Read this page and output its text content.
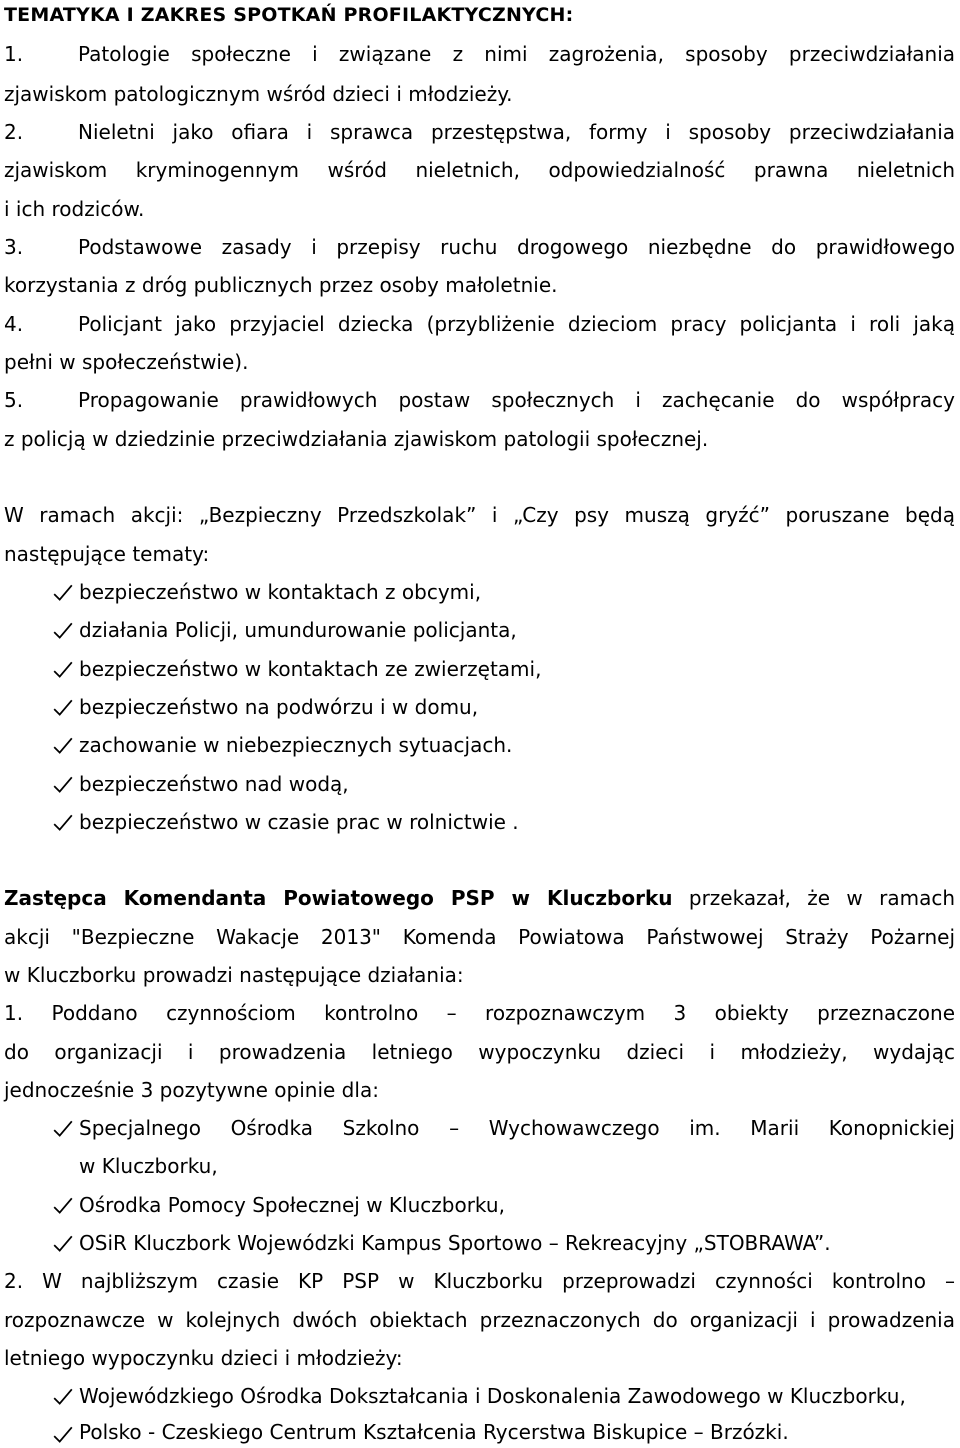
TEMATYKA I ZAKRES SPOTKAŃ PROFILAKTYCZNYCH:
1.	Patologie społeczne i związane z nimi zagrożenia, sposoby przeciwdziałania
zjawiskom patologicznym wśród dzieci i młodzieży.
2.	Nieletni jako ofiara i sprawca przestępstwa, formy i sposoby przeciwdziałania
zjawiskom kryminogennym wśród nieletnich, odpowiedzialność prawna nieletnich
i ich rodziców.
3.	Podstawowe zasady i przepisy ruchu drogowego niezbędne do prawidłowego
korzystania z dróg publicznych przez osoby małoletnie.
4.	Policjant jako przyjaciel dziecka (przybliżenie dzieciom pracy policjanta i roli jaką
pełni w społeczeństwie).
5.	Propagowanie prawidłowych postaw społecznych i zachęcanie do współpracy
z policją w dziedzinie przeciwdziałania zjawiskom patologii społecznej.
W ramach akcji: „Bezpieczny Przedszkolak” i „Czy psy muszą gryźć” poruszane będą
następujące tematy:
bezpieczeństwo w kontaktach z obcymi,
działania Policji, umundurowanie policjanta,
bezpieczeństwo w kontaktach ze zwierzętami,
bezpieczeństwo na podwórzu i w domu,
zachowanie w niebezpiecznych sytuacjach.
bezpieczeństwo nad wodą,
bezpieczeństwo w czasie prac w rolnictwie .
Zastępca Komendanta Powiatowego PSP w Kluczborku przekazał, że w ramach
akcji "Bezpieczne Wakacje 2013" Komenda Powiatowa Państwowej Straży Pożarnej
w Kluczborku prowadzi następujące działania:
1. Poddano czynnościom kontrolno – rozpoznawczym 3 obiekty przeznaczone
do organizacji i prowadzenia letniego wypoczynku dzieci i młodzieży, wydając
jednocześnie 3 pozytywne opinie dla:
Specjalnego Ośrodka Szkolno – Wychowawczego im. Marii Konopnickiej
w Kluczborku,
Ośrodka Pomocy Społecznej w Kluczborku,
OSiR Kluczbork Wojewódzki Kampus Sportowo – Rekreacyjny „STOBRAWA”.
2. W najbliższym czasie KP PSP w Kluczborku przeprowadzi czynności kontrolno –
rozpoznawcze w kolejnych dwóch obiektach przeznaczonych do organizacji i prowadzenia
letniego wypoczynku dzieci i młodzieży:
Wojewódzkiego Ośrodka Dokształcania i Doskonalenia Zawodowego w Kluczborku,
Polsko - Czeskiego Centrum Kształcenia Rycerstwa Biskupice – Brzózki.
